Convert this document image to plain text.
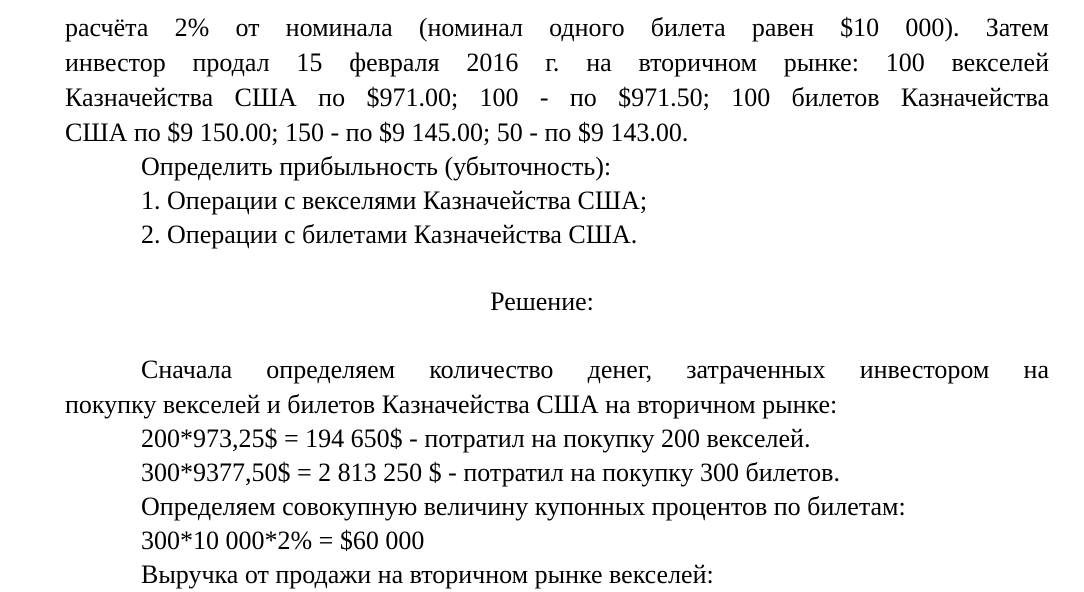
расчёта 2% от номинала (номинал одного билета равен $10 000). Затем
инвестор продал 15 февраля 2016 г. на вторичном рынке: 100 векселей
Казначейства США по $971.00; 100 - по $971.50; 100 билетов Казначейства
США по $9 150.00; 150 - по $9 145.00; 50 - по $9 143.00.
Определить прибыльность (убыточность):
1. Операции с векселями Казначейства США;
2. Операции с билетами Казначейства США.
Решение:
Сначала определяем количество денег, затраченных инвестором на
покупку векселей и билетов Казначейства США на вторичном рынке:
200*973,25$ = 194 650$ - потратил на покупку 200 векселей.
300*9377,50$ = 2 813 250 $ - потратил на покупку 300 билетов.
Определяем совокупную величину купонных процентов по билетам:
300*10 000*2% = $60 000
Выручка от продажи на вторичном рынке векселей:
